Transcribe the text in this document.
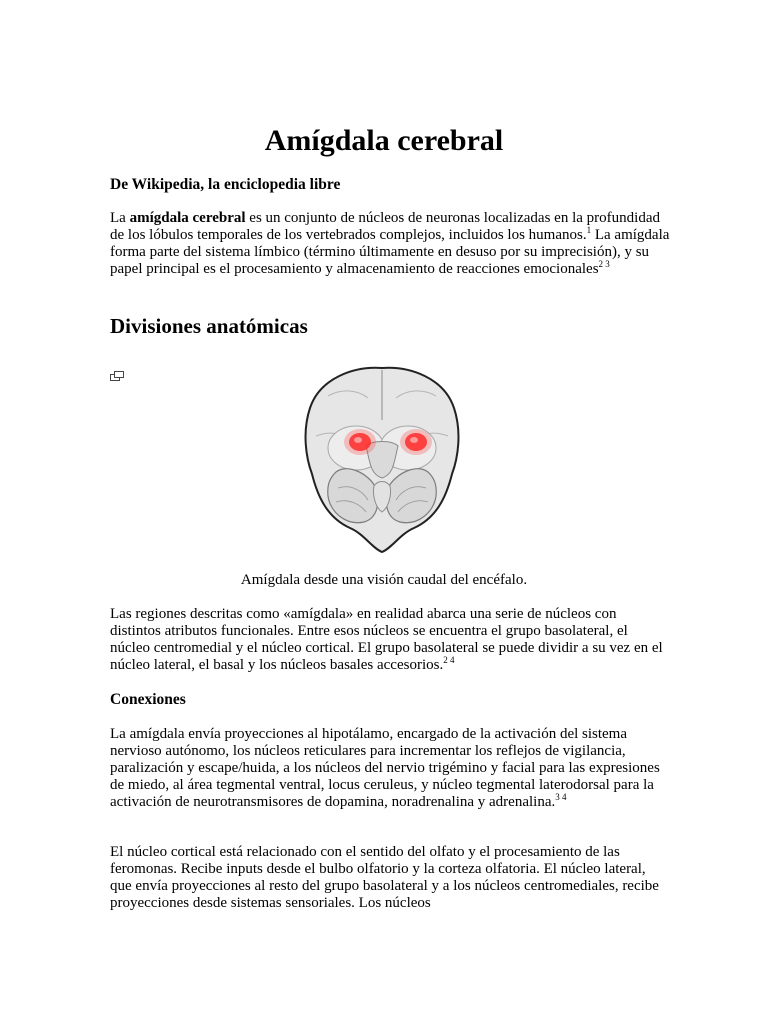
Amígdala cerebral

De Wikipedia, la enciclopedia libre

La amígdala cerebral es un conjunto de núcleos de neuronas localizadas en la profundidad de los lóbulos temporales de los vertebrados complejos, incluidos los humanos.$^1$ La amígdala forma parte del sistema límbico (término últimamente en desuso por su imprecisión), y su papel principal es el procesamiento y almacenamiento de reacciones emocionales$^{2 3}$

Divisiones anatómicas

Amígdala desde una visión caudal del encéfalo.

Las regiones descritas como «amígdala» en realidad abarca una serie de núcleos con distintos atributos funcionales. Entre esos núcleos se encuentra el grupo basolateral, el núcleo centromedial y el núcleo cortical. El grupo basolateral se puede dividir a su vez en el núcleo lateral, el basal y los núcleos basales accesorios.$^{2 4}$

Conexiones

La amígdala envía proyecciones al hipotálamo, encargado de la activación del sistema nervioso autónomo, los núcleos reticulares para incrementar los reflejos de vigilancia, paralización y escape/huida, a los núcleos del nervio trigémino y facial para las expresiones de miedo, al área tegmental ventral, locus ceruleus, y núcleo tegmental laterodorsal para la activación de neurotransmisores de dopamina, noradrenalina y adrenalina.$^{3 4}$

El núcleo cortical está relacionado con el sentido del olfato y el procesamiento de las feromonas. Recibe inputs desde el bulbo olfatorio y la corteza olfatoria. El núcleo lateral, que envía proyecciones al resto del grupo basolateral y a los núcleos centromediales, recibe proyecciones desde sistemas sensoriales. Los núcleos
